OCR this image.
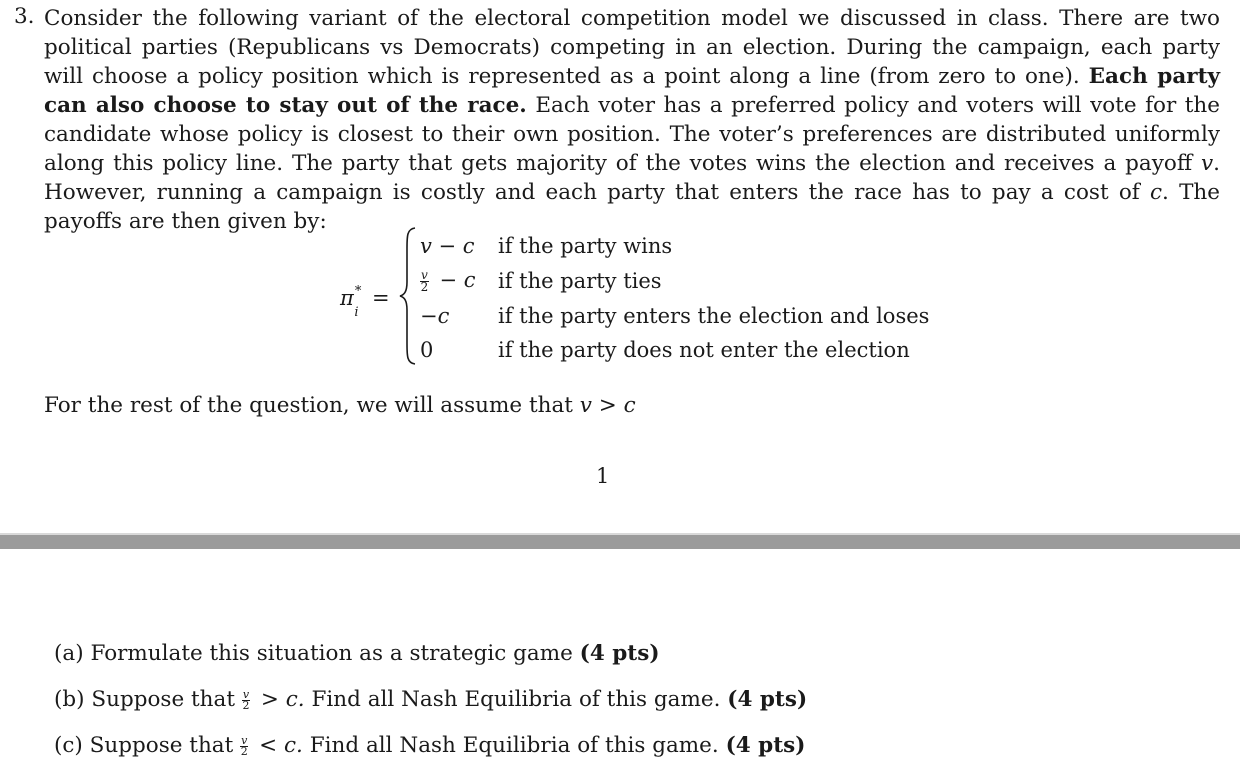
3. Consider the following variant of the electoral competition model we discussed in class. There are two political parties (Republicans vs Democrats) competing in an election. During the campaign, each party will choose a policy position which is represented as a point along a line (from zero to one). Each party can also choose to stay out of the race. Each voter has a preferred policy and voters will vote for the candidate whose policy is closest to their own position. The voter’s preferences are distributed uniformly along this policy line. The party that gets majority of the votes wins the election and receives a payoff v. However, running a campaign is costly and each party that enters the race has to pay a cost of c. The payoffs are then given by:
$\pi^*_i$
=
v − c if the party wins
$\frac{v}{2} - c$ if the party ties
−c if the party enters the election and loses
0	if the party does not enter the election
For the rest of the question, we will assume that v > c
1
(a) Formulate this situation as a strategic game (4 pts)
(b) Suppose that $\frac{v}{2} > c$. Find all Nash Equilibria of this game. (4 pts)
(c) Suppose that $\frac{v}{2} < c$. Find all Nash Equilibria of this game. (4 pts)
